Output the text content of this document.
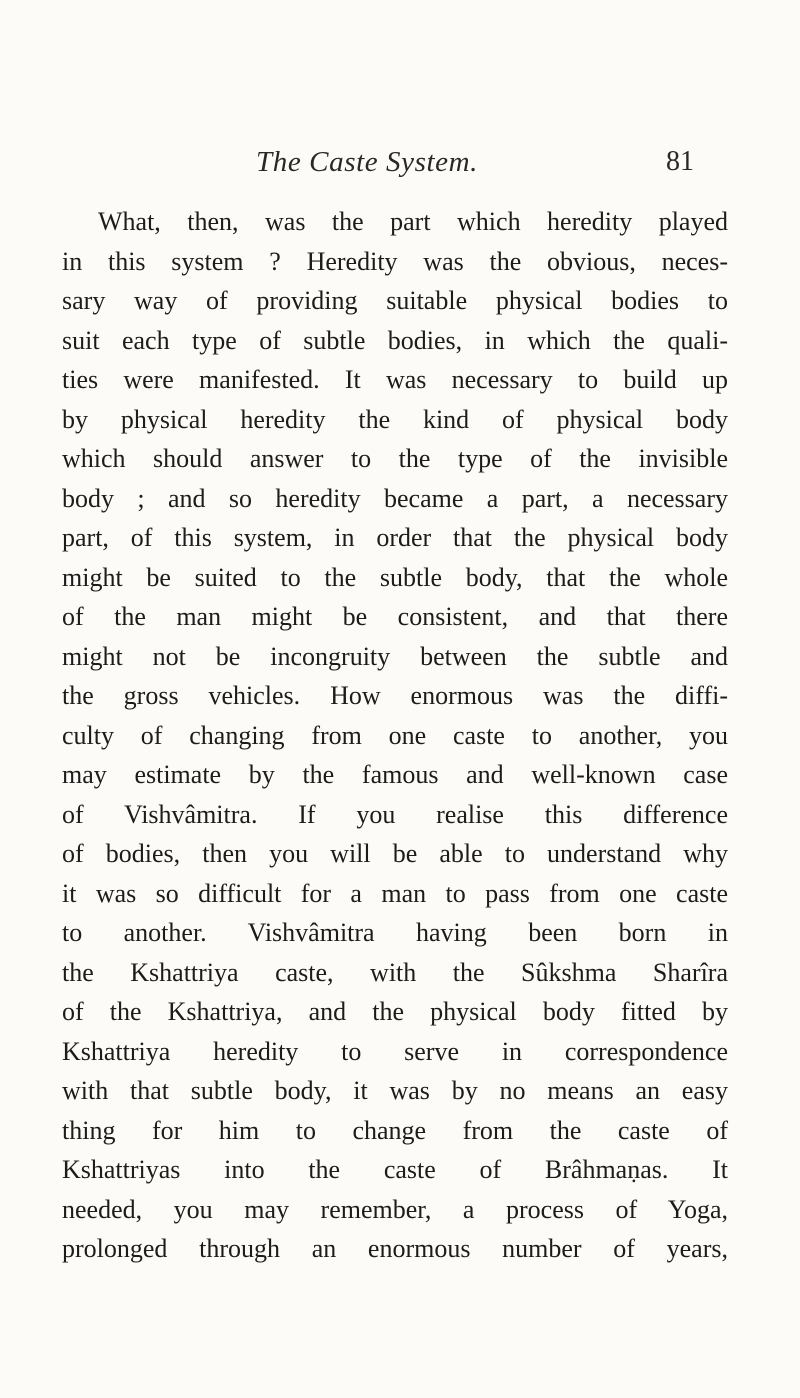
The Caste System.	81
What, then, was the part which heredity played
in this system ? Heredity was the obvious, neces-
sary way of providing suitable physical bodies to
suit each type of subtle bodies, in which the quali-
ties were manifested. It was necessary to build up
by physical heredity the kind of physical body
which should answer to the type of the invisible
body ; and so heredity became a part, a necessary
part, of this system, in order that the physical body
might be suited to the subtle body, that the whole
of the man might be consistent, and that there
might not be incongruity between the subtle and
the gross vehicles. How enormous was the diffi-
culty of changing from one caste to another, you
may estimate by the famous and well-known case
of Vishvâmitra. If you realise this difference
of bodies, then you will be able to understand why
it was so difficult for a man to pass from one caste
to another. Vishvâmitra having been born in
the Kshattriya caste, with the Sûkshma Sharîra
of the Kshattriya, and the physical body fitted by
Kshattriya heredity to serve in correspondence
with that subtle body, it was by no means an easy
thing for him to change from the caste of
Kshattriyas into the caste of Brâhmaṇas. It
needed, you may remember, a process of Yoga,
prolonged through an enormous number of years,
